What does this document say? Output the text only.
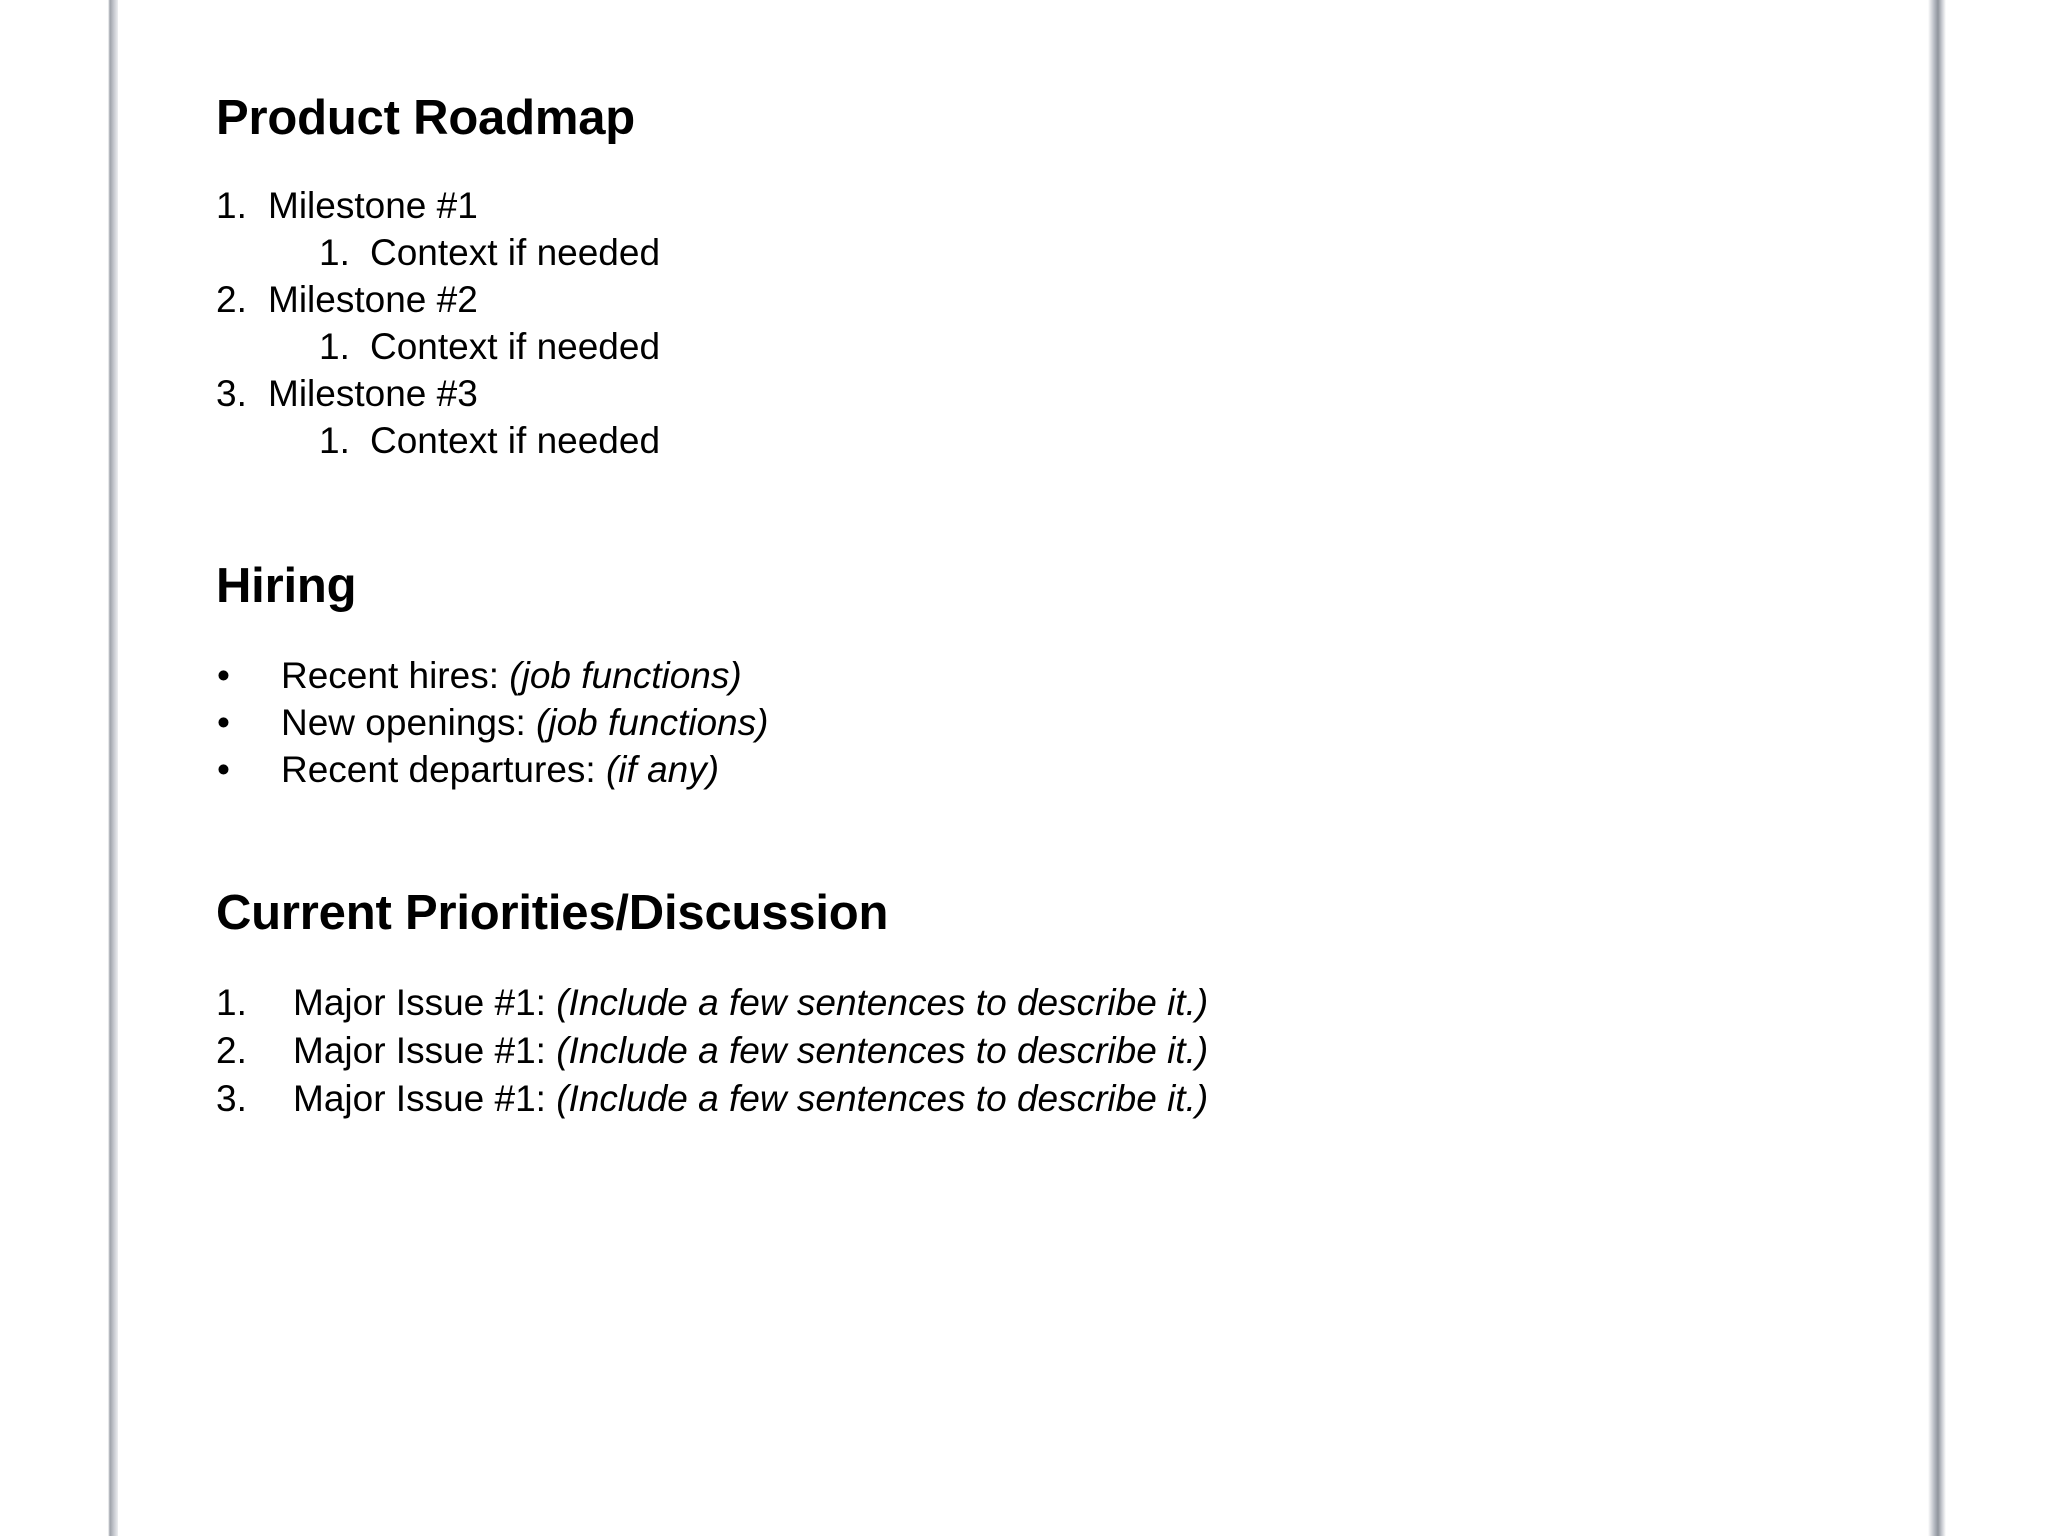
Product Roadmap
1. Milestone #1
1. Context if needed
2. Milestone #2
1. Context if needed
3. Milestone #3
1. Context if needed
Hiring
• Recent hires: (job functions)
• New openings: (job functions)
• Recent departures: (if any)
Current Priorities/Discussion
1. Major Issue #1: (Include a few sentences to describe it.)
2. Major Issue #1: (Include a few sentences to describe it.)
3. Major Issue #1: (Include a few sentences to describe it.)
